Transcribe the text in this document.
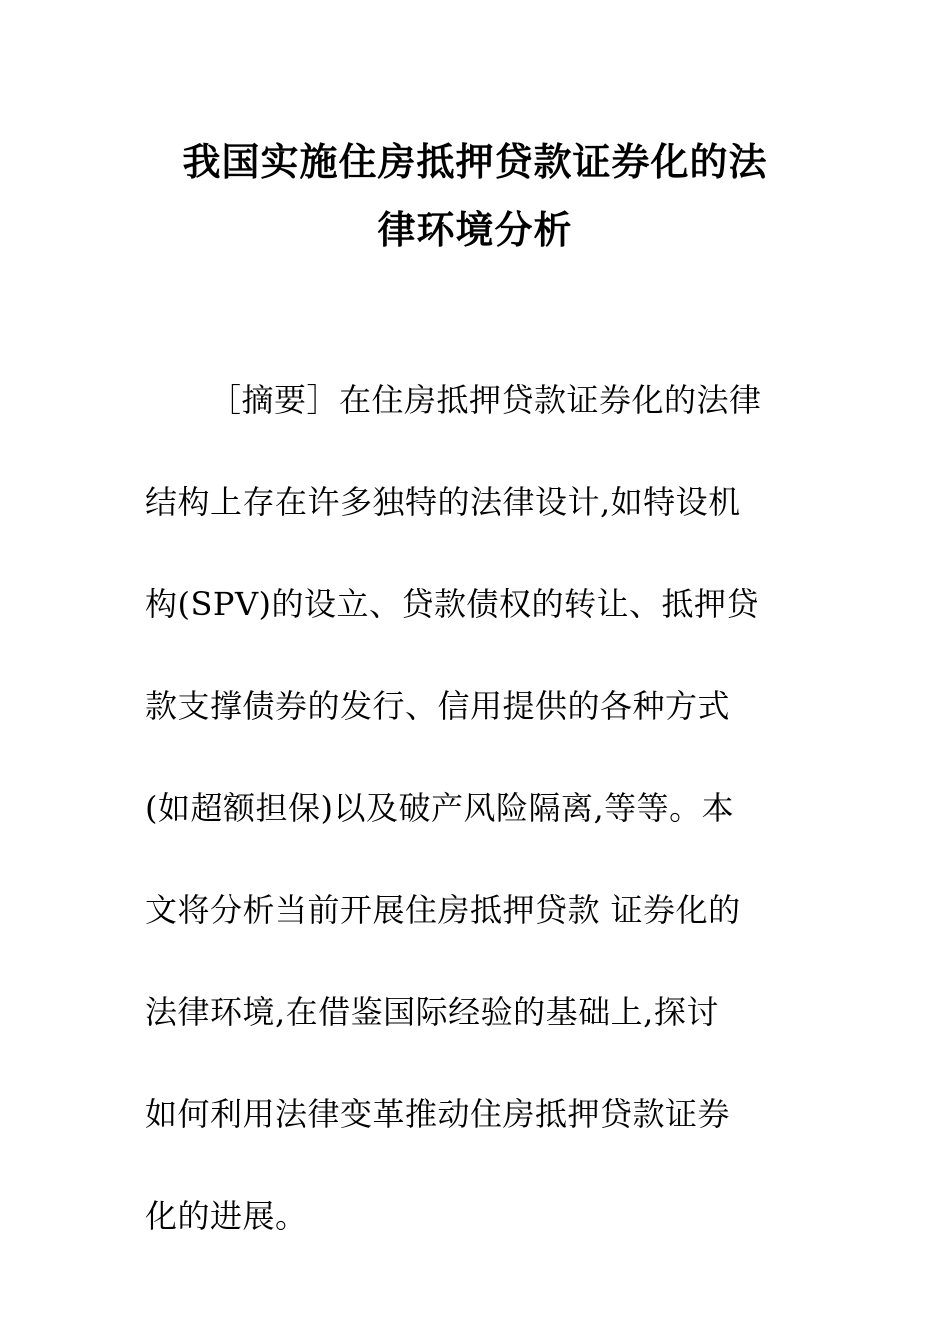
我国实施住房抵押贷款证券化的法
律环境分析
［摘要］在住房抵押贷款证券化的法律
结构上存在许多独特的法律设计,如特设机
构(SPV)的设立、贷款债权的转让、抵押贷
款支撑债券的发行、信用提供的各种方式
(如超额担保)以及破产风险隔离,等等。本
文将分析当前开展住房抵押贷款 证券化的
法律环境,在借鉴国际经验的基础上,探讨
如何利用法律变革推动住房抵押贷款证券
化的进展。
